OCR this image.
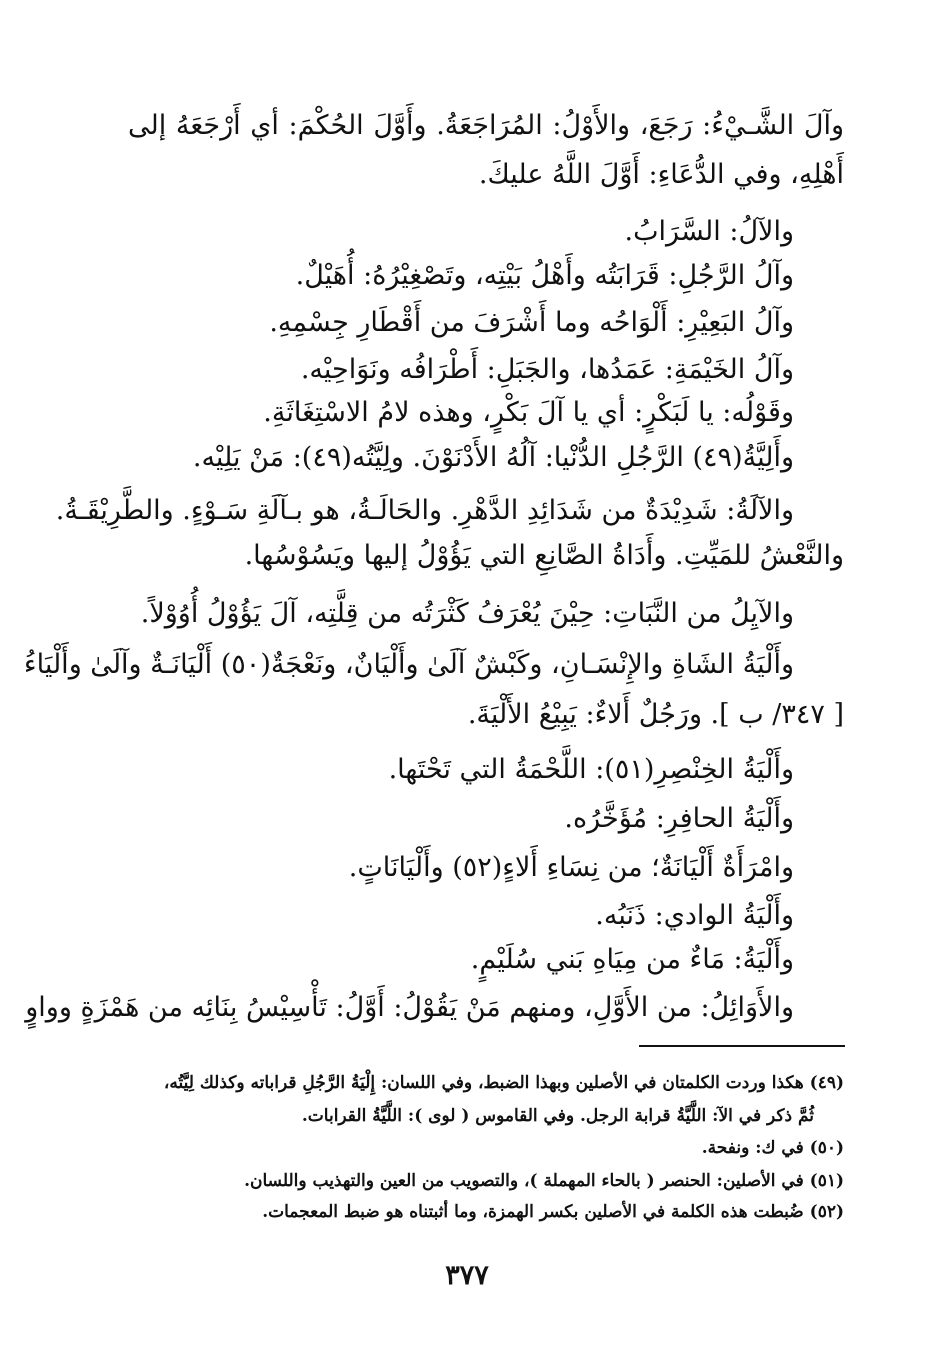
وآلَ الشَّـيْءُ: رَجَعَ، والأَوْلُ: المُرَاجَعَةُ. وأَوَّلَ الحُكْمَ: أي أَرْجَعَهُ إلى
أَهْلِهِ، وفي الدُّعَاءِ: أَوَّلَ اللَّهُ عليكَ.
والآلُ: السَّرَابُ.
وآلُ الرَّجُلِ: قَرَابَتُه وأَهْلُ بَيْتِه، وتَصْغِيْرُهُ: أُهَيْلٌ.
وآلُ البَعِيْرِ: أَلْوَاحُه وما أَشْرَفَ من أَقْطَارِ جِسْمِهِ.
وآلُ الخَيْمَةِ: عَمَدُها، والجَبَلِ: أَطْرَافُه ونَوَاحِيْه.
وقَوْلُه: يا لَبَكْرٍ: أي يا آلَ بَكْرٍ، وهذه لامُ الاسْتِغَاثَةِ.
وأَلِيَّةُ(٤٩) الرَّجُلِ الدُّنْيا: آلُهُ الأَدْنَوْنَ. ولِيَّتُه(٤٩): مَنْ يَلِيْه.
والآلَةُ: شَدِيْدَةٌ من شَدَائِدِ الدَّهْرِ. والحَالَـةُ، هو بـآلَةِ سَـوْءٍ. والطَّرِيْقَـةُ.
والنَّعْشُ للمَيِّتِ. وأَدَاةُ الصَّانِعِ التي يَؤُوْلُ إليها ويَسُوْسُها.
والآيِلُ من النَّبَاتِ: حِيْنَ يُعْرَفُ كَثْرَتُه من قِلَّتِه، آلَ يَؤُوْلُ أُوُوْلاً.
وأَلْيَةُ الشَاةِ والإِنْسَـانِ، وكَبْشٌ آلَىٰ وأَلْيَانٌ، ونَعْجَةٌ(٥٠) أَلْيَانَـةٌ وآلَىٰ وأَلْيَاءُ
[ ٣٤٧/ ب ]. ورَجُلٌ أَلاءٌ: يَبِيْعُ الأَلْيَةَ.
وأَلْيَةُ الخِنْصِرِ(٥١): اللَّحْمَةُ التي تَحْتَها.
وأَلْيَةُ الحافِرِ: مُؤَخَّرُه.
وامْرَأَةٌ أَلْيَانَةٌ؛ من نِسَاءِ أَلاءٍ(٥٢) وأَلْيَانَاتٍ.
وأَلْيَةُ الوادي: ذَنَبُه.
وأَلْيَةُ: مَاءٌ من مِيَاهِ بَني سُلَيْمٍ.
والأَوَائِلُ: من الأَوَّلِ، ومنهم مَنْ يَقُوْلُ: أَوَّلُ: تَأْسِيْسُ بِنَائِه من هَمْزَةٍ وواوٍ
(٤٩) هكذا وردت الكلمتان في الأصلين وبهذا الضبط، وفي اللسان: إِلْيَةُ الرَّجُلِ قراباته وكذلك لِيَّتُه،
ثُمَّ ذكر في الآ: اللَّيَّةُ قرابة الرجل. وفي القاموس ( لوى ): اللَّيَّةُ القرابات.
(٥٠) في ك: ونفحة.
(٥١) في الأصلين: الحنصر ( بالحاء المهملة )، والتصويب من العين والتهذيب واللسان.
(٥٢) ضُبطت هذه الكلمة في الأصلين بكسر الهمزة، وما أثبتناه هو ضبط المعجمات.
٣٧٧
